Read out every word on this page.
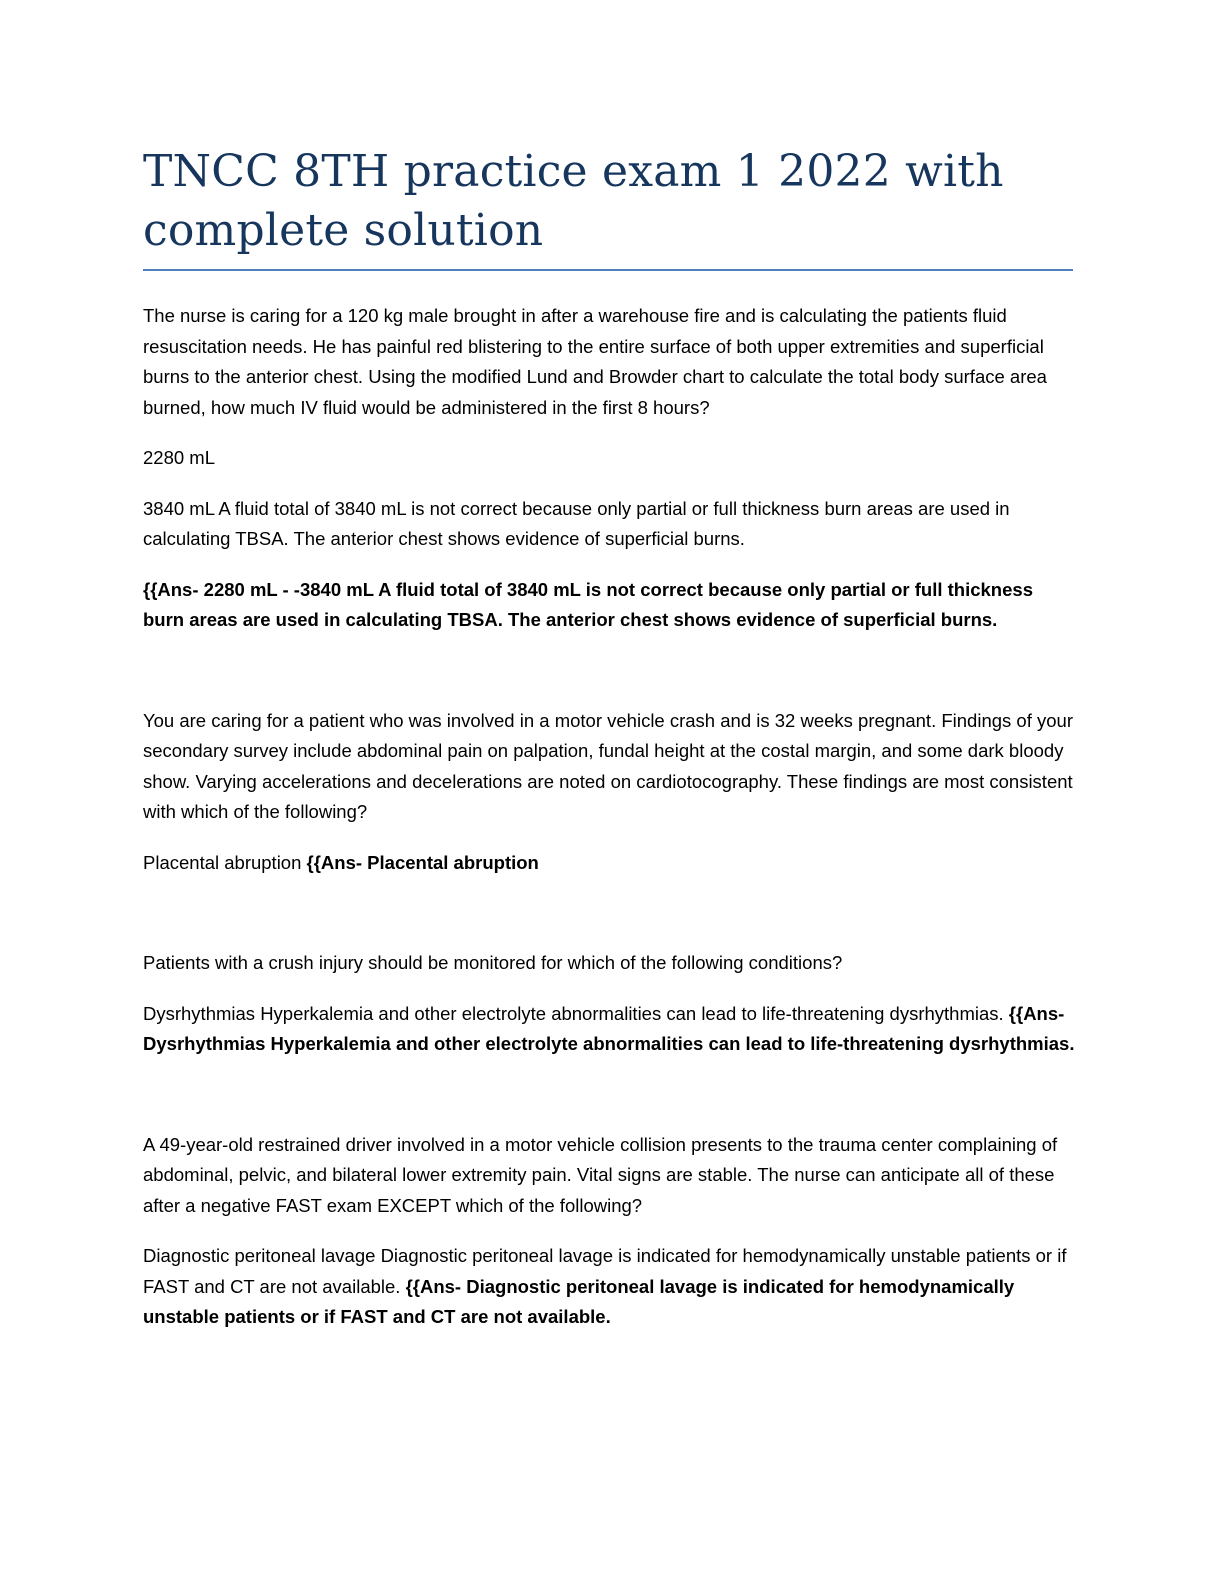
TNCC 8TH practice exam 1 2022 with complete solution

The nurse is caring for a 120 kg male brought in after a warehouse fire and is calculating the patients fluid resuscitation needs. He has painful red blistering to the entire surface of both upper extremities and superficial burns to the anterior chest. Using the modified Lund and Browder chart to calculate the total body surface area burned, how much IV fluid would be administered in the first 8 hours?

2280 mL

3840 mL A fluid total of 3840 mL is not correct because only partial or full thickness burn areas are used in calculating TBSA. The anterior chest shows evidence of superficial burns.

{{Ans- 2280 mL - -3840 mL A fluid total of 3840 mL is not correct because only partial or full thickness burn areas are used in calculating TBSA. The anterior chest shows evidence of superficial burns.

You are caring for a patient who was involved in a motor vehicle crash and is 32 weeks pregnant. Findings of your secondary survey include abdominal pain on palpation, fundal height at the costal margin, and some dark bloody show. Varying accelerations and decelerations are noted on cardiotocography. These findings are most consistent with which of the following?

Placental abruption {{Ans- Placental abruption

Patients with a crush injury should be monitored for which of the following conditions?

Dysrhythmias Hyperkalemia and other electrolyte abnormalities can lead to life-threatening dysrhythmias. {{Ans- Dysrhythmias Hyperkalemia and other electrolyte abnormalities can lead to life-threatening dysrhythmias.

A 49-year-old restrained driver involved in a motor vehicle collision presents to the trauma center complaining of abdominal, pelvic, and bilateral lower extremity pain. Vital signs are stable. The nurse can anticipate all of these after a negative FAST exam EXCEPT which of the following?

Diagnostic peritoneal lavage Diagnostic peritoneal lavage is indicated for hemodynamically unstable patients or if FAST and CT are not available. {{Ans- Diagnostic peritoneal lavage is indicated for hemodynamically unstable patients or if FAST and CT are not available.
